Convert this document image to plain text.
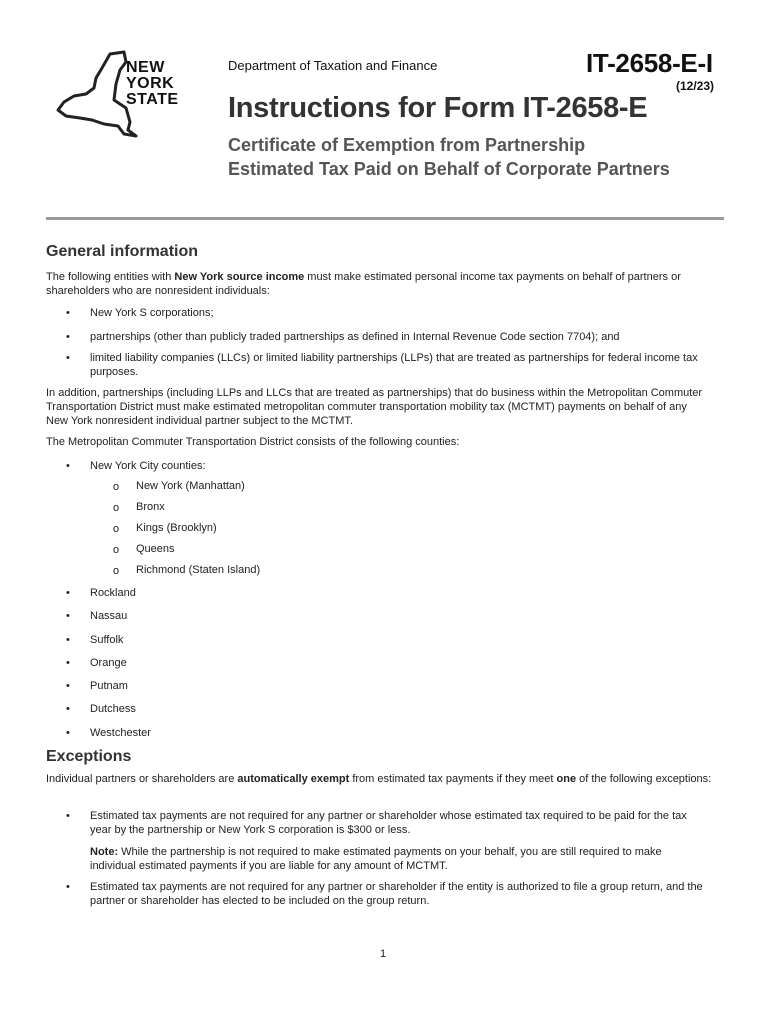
NEW
YORK
STATE
Department of Taxation and Finance	IT-2658-E-I
(12/23)
Instructions for Form IT-2658-E
Certificate of Exemption from Partnership
Estimated Tax Paid on Behalf of Corporate Partners
General information
The following entities with New York source income must make estimated personal income tax payments on behalf of partners or shareholders who are nonresident individuals:
• New York S corporations;
• partnerships (other than publicly traded partnerships as defined in Internal Revenue Code section 7704); and
• limited liability companies (LLCs) or limited liability partnerships (LLPs) that are treated as partnerships for federal income tax purposes.
In addition, partnerships (including LLPs and LLCs that are treated as partnerships) that do business within the Metropolitan Commuter Transportation District must make estimated metropolitan commuter transportation mobility tax (MCTMT) payments on behalf of any New York nonresident individual partner subject to the MCTMT.
The Metropolitan Commuter Transportation District consists of the following counties:
• New York City counties:
o New York (Manhattan)
o Bronx
o Kings (Brooklyn)
o Queens
o Richmond (Staten Island)
• Rockland
• Nassau
• Suffolk
• Orange
• Putnam
• Dutchess
• Westchester
Exceptions
Individual partners or shareholders are automatically exempt from estimated tax payments if they meet one of the following exceptions:
• Estimated tax payments are not required for any partner or shareholder whose estimated tax required to be paid for the tax year by the partnership or New York S corporation is $300 or less.
Note: While the partnership is not required to make estimated payments on your behalf, you are still required to make individual estimated payments if you are liable for any amount of MCTMT.
• Estimated tax payments are not required for any partner or shareholder if the entity is authorized to file a group return, and the partner or shareholder has elected to be included on the group return.
1
